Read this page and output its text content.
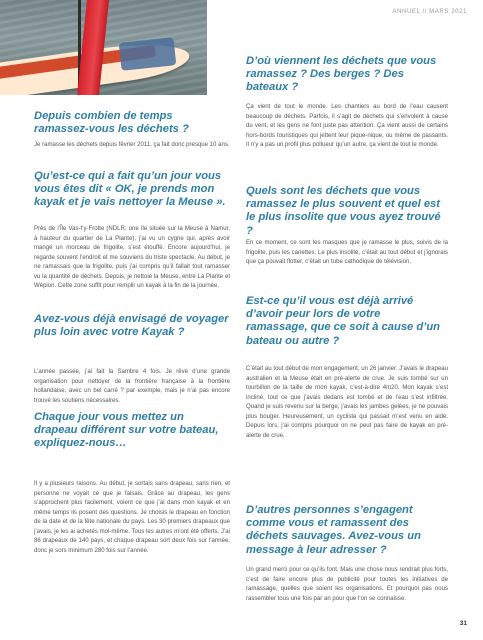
ANNUEL // MARS 2021
Depuis combien de temps ramassez-vous les déchets ?

Je ramasse les déchets depuis février 2011, ça fait donc presque 10 ans.

Qu’est-ce qui a fait qu’un jour vous vous êtes dit « OK, je prends mon kayak et je vais nettoyer la Meuse ».

Près de l’Île Vas-t’y-Frotte (NDLR: une île située sur la Meuse à Namur, à hauteur du quartier de La Plante), j’ai vu un cygne qui, après avoir mangé un morceau de frigolite, s’est étouffé. Encore aujourd’hui, je regarde souvent l’endroit et me souviens du triste spectacle. Au début, je ne ramassais que la frigolite, puis j’ai compris qu’il fallait tout ramasser vu la quantité de déchets. Depuis, je nettoie la Meuse, entre La Plante et Wépion. Cette zone suffit pour remplir un kayak à la fin de la journée.

Avez-vous déjà envisagé de voyager plus loin avec votre Kayak ?

L’année passée, j’ai fait la Sambre 4 fois. Je rêve d’une grande organisation pour nettoyer de la frontière française à la frontière hollandaise, avec un bel carré ? par exemple, mais je n’ai pas encore trouvé les soutiens nécessaires.

Chaque jour vous mettez un drapeau différent sur votre bateau, expliquez-nous…

Il y a plusieurs raisons. Au début, je sortais sans drapeau, sans rien, et personne ne voyait ce que je faisais. Grâce au drapeau, les gens s’approchent plus facilement, voient ce que j’ai dans mon kayak et en même temps ils posent des questions. Je choisis le drapeau en fonction de la date et de la fête nationale du pays. Les 30 premiers drapeaux que j’avais, je les ai achetés moi-même. Tous les autres m’ont été offerts. J’ai 86 drapeaux de 140 pays, et chaque drapeau sort deux fois sur l’année, donc je sors minimum 280 fois sur l’année.

D’où viennent les déchets que vous ramassez ? Des berges ? Des bateaux ?

Ça vient de tout le monde. Les chantiers au bord de l’eau causent beaucoup de déchets. Parfois, il s’agit de déchets qui s’envolent à cause du vent, et les gens ne font juste pas attention. Ça vient aussi de certains hors-bords touristiques qui jettent leur pique-nique, ou même de passants. Il n’y a pas un profil plus pollueur qu’un autre, ça vient de tout le monde.

Quels sont les déchets que vous ramassez le plus souvent et quel est le plus insolite que vous ayez trouvé ?

En ce moment, ce sont les masques que je ramasse le plus, suivis de la frigolite, puis les canettes. Le plus insolite, c’était au tout début et j’ignorais que ça pouvait flotter, c’était un tube cathodique de télévision.

Est-ce qu’il vous est déjà arrivé d’avoir peur lors de votre ramassage, que ce soit à cause d’un bateau ou autre ?

C’était au tout début de mon engagement, un 26 janvier. J’avais le drapeau australien et la Meuse était en pré-alerte de crue. Je suis tombé sur un tourbillon de la taille de mon kayak, c’est-à-dire 4m20. Mon kayak s’est incliné, tout ce que j’avais dedans est tombé et de l’eau s’est infiltrée. Quand je suis revenu sur la berge, j’avais les jambes gelées, je ne pouvais plus bouger. Heureusement, un cycliste qui passait m’est venu en aide. Depuis lors, j’ai compris pourquoi on ne peut pas faire de kayak en pré-alerte de crue.

D’autres personnes s’engagent comme vous et ramassent des déchets sauvages. Avez-vous un message à leur adresser ?

Un grand merci pour ce qu’ils font. Mais une chose nous rendrait plus forts, c’est de faire encore plus de publicité pour toutes les initiatives de ramassage, quelles que soient les organisations. Et pourquoi pas nous rassembler tous une fois par an pour que l’on se connaisse.

31
